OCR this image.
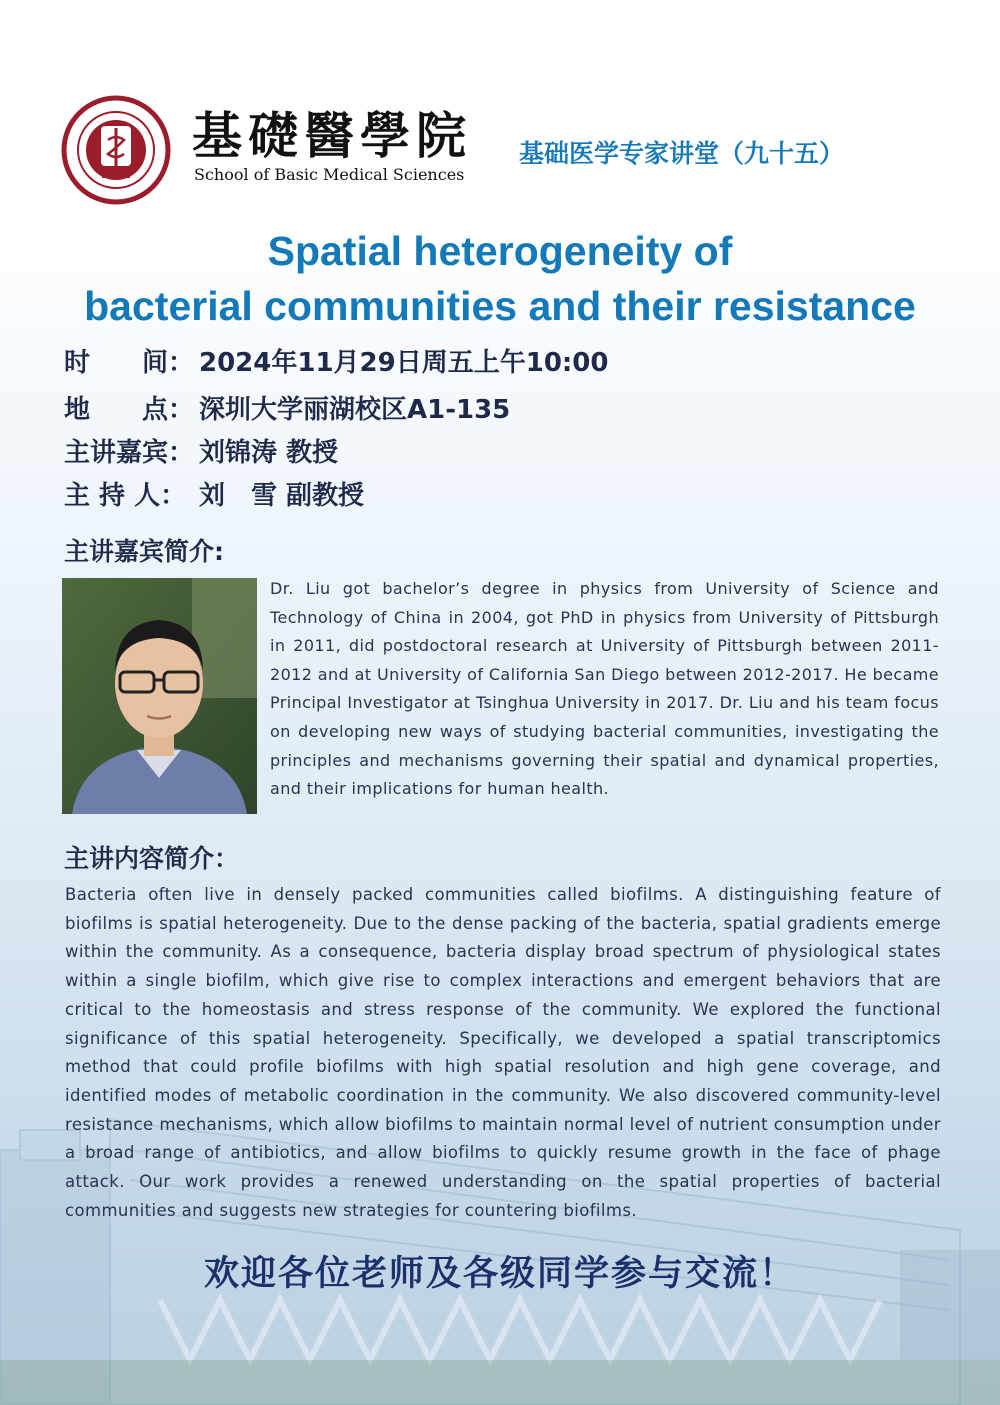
基礎醫學院
School of Basic Medical Sciences
基础医学专家讲堂（九十五）
Spatial heterogeneity of
bacterial communities and their resistance
时　　间： 2024年11月29日周五上午10:00
地　　点： 深圳大学丽湖校区A1-135
主讲嘉宾： 刘锦涛 教授
主 持 人： 刘　雪 副教授
主讲嘉宾简介:
Dr. Liu got bachelor’s degree in physics from University of Science and Technology of China in 2004, got PhD in physics from University of Pittsburgh in 2011, did postdoctoral research at University of Pittsburgh between 2011-2012 and at University of California San Diego between 2012-2017. He became Principal Investigator at Tsinghua University in 2017. Dr. Liu and his team focus on developing new ways of studying bacterial communities, investigating the principles and mechanisms governing their spatial and dynamical properties, and their implications for human health.
主讲内容简介：
Bacteria often live in densely packed communities called biofilms. A distinguishing feature of biofilms is spatial heterogeneity. Due to the dense packing of the bacteria, spatial gradients emerge within the community. As a consequence, bacteria display broad spectrum of physiological states within a single biofilm, which give rise to complex interactions and emergent behaviors that are critical to the homeostasis and stress response of the community. We explored the functional significance of this spatial heterogeneity. Specifically, we developed a spatial transcriptomics method that could profile biofilms with high spatial resolution and high gene coverage, and identified modes of metabolic coordination in the community. We also discovered community-level resistance mechanisms, which allow biofilms to maintain normal level of nutrient consumption under a broad range of antibiotics, and allow biofilms to quickly resume growth in the face of phage attack. Our work provides a renewed understanding on the spatial properties of bacterial communities and suggests new strategies for countering biofilms.
欢迎各位老师及各级同学参与交流！
